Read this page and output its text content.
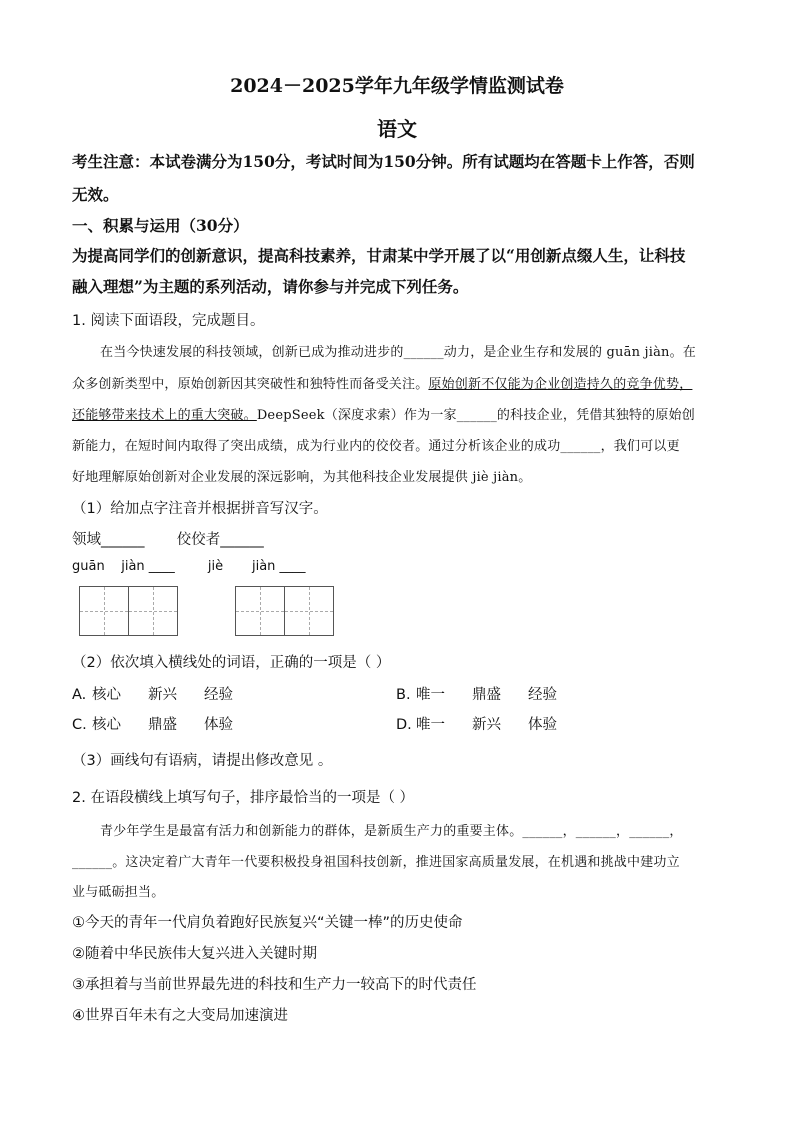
2024－2025学年九年级学情监测试卷
语文
考生注意：本试卷满分为150分，考试时间为150分钟。所有试题均在答题卡上作答，否则
无效。
一、积累与运用（30分）
为提高同学们的创新意识，提高科技素养，甘肃某中学开展了以“用创新点缀人生，让科技
融入理想”为主题的系列活动，请你参与并完成下列任务。
1. 阅读下面语段，完成题目。
在当今快速发展的科技领域，创新已成为推动进步的______动力，是企业生存和发展的 guān jiàn。在
众多创新类型中，原始创新因其突破性和独特性而备受关注。原始创新不仅能为企业创造持久的竞争优势，
还能够带来技术上的重大突破。DeepSeek（深度求索）作为一家______的科技企业，凭借其独特的原始创
新能力，在短时间内取得了突出成绩，成为行业内的佼佼者。通过分析该企业的成功______，我们可以更
好地理解原始创新对企业发展的深远影响，为其他科技企业发展提供 jiè jiàn。
（1）给加点字注音并根据拼音写汉字。
领域______       佼佼者______
guān    jiàn ____        jiè       jiàn ____
（2）依次填入横线处的词语，正确的一项是（ ）
A. 核心 新兴 经验	B. 唯一 鼎盛 经验
C. 核心 鼎盛 体验	D. 唯一 新兴 体验
（3）画线句有语病，请提出修改意见 。
2. 在语段横线上填写句子，排序最恰当的一项是（ ）
青少年学生是最富有活力和创新能力的群体，是新质生产力的重要主体。______，______，______，
______。这决定着广大青年一代要积极投身祖国科技创新，推进国家高质量发展，在机遇和挑战中建功立
业与砥砺担当。
①今天的青年一代肩负着跑好民族复兴“关键一棒”的历史使命
②随着中华民族伟大复兴进入关键时期
③承担着与当前世界最先进的科技和生产力一较高下的时代责任
④世界百年未有之大变局加速演进
